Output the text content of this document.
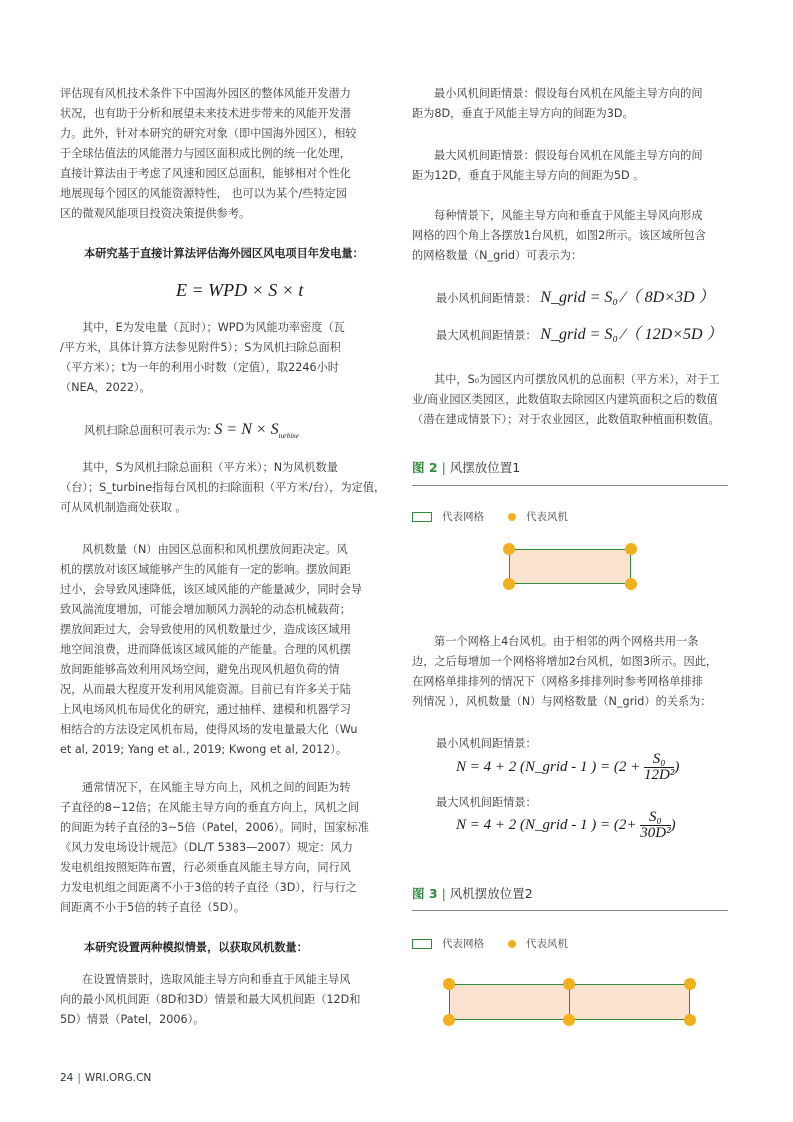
评估现有风机技术条件下中国海外园区的整体风能开发潜力
状况，也有助于分析和展望未来技术进步带来的风能开发潜
力。此外，针对本研究的研究对象（即中国海外园区），相较
于全球估值法的风能潜力与园区面积成比例的统一化处理，
直接计算法由于考虑了风速和园区总面积，能够相对个性化
地展现每个园区的风能资源特性， 也可以为某个/些特定园
区的微观风能项目投资决策提供参考。
本研究基于直接计算法评估海外园区风电项目年发电量：
E = WPD × S × t
其中，E为发电量（瓦时）；WPD为风能功率密度（瓦
/平方米，具体计算方法参见附件5）；S为风机扫除总面积
（平方米）；t为一年的利用小时数（定值），取2246小时
（NEA，2022）。
风机扫除总面积可表示为: $S = N \times S_{turbine}$
其中，S为风机扫除总面积（平方米）；N为风机数量
（台）；S_turbine指每台风机的扫除面积（平方米/台），为定值，
可从风机制造商处获取 。
风机数量（N）由园区总面积和风机摆放间距决定。风
机的摆放对该区域能够产生的风能有一定的影响。摆放间距
过小，会导致风速降低，该区域风能的产能量减少，同时会导
致风湍流度增加，可能会增加顺风力涡轮的动态机械载荷；
摆放间距过大，会导致使用的风机数量过少，造成该区域用
地空间浪费，进而降低该区域风能的产能量。合理的风机摆
放间距能够高效利用风场空间，避免出现风机超负荷的情
况，从而最大程度开发利用风能资源。目前已有许多关于陆
上风电场风机布局优化的研究，通过抽样、建模和机器学习
相结合的方法设定风机布局，使得风场的发电量最大化（Wu
et al, 2019; Yang et al., 2019; Kwong et al, 2012）。
通常情况下，在风能主导方向上，风机之间的间距为转
子直径的8~12倍；在风能主导方向的垂直方向上，风机之间
的间距为转子直径的3~5倍（Patel，2006）。同时，国家标准
《风力发电场设计规范》（DL/T 5383—2007）规定：风力
发电机组按照矩阵布置，行必须垂直风能主导方向，同行风
力发电机组之间距离不小于3倍的转子直径（3D），行与行之
间距离不小于5倍的转子直径（5D）。
本研究设置两种模拟情景，以获取风机数量：
在设置情景时，选取风能主导方向和垂直于风能主导风
向的最小风机间距（8D和3D）情景和最大风机间距（12D和
5D）情景（Patel，2006）。
最小风机间距情景：假设每台风机在风能主导方向的间
距为8D，垂直于风能主导方向的间距为3D。
最大风机间距情景：假设每台风机在风能主导方向的间
距为12D，垂直于风能主导方向的间距为5D 。
每种情景下，风能主导方向和垂直于风能主导风向形成
网格的四个角上各摆放1台风机，如图2所示。该区域所包含
的网格数量（N_grid）可表示为：
最小风机间距情景： N_grid = S₀ ⁄（ 8D×3D ）
最大风机间距情景： N_grid = S₀ ⁄（ 12D×5D ）
其中，S₀为园区内可摆放风机的总面积（平方米），对于工
业/商业园区类园区，此数值取去除园区内建筑面积之后的数值
（潜在建成情景下）；对于农业园区，此数值取种植面积数值。
图 2 | 风摆放位置1
代表网格	代表风机
第一个网格上4台风机。由于相邻的两个网格共用一条
边，之后每增加一个网格将增加2台风机，如图3所示。因此，
在网格单排排列的情况下（网格多排排列时参考网格单排排
列情况 ），风机数量（N）与网格数量（N_grid）的关系为：
最小风机间距情景：
N = 4 + 2 (N_grid - 1 ) = ($2 + \frac{\text{S₀}}{\text{12D²}}$ )
最大风机间距情景：
N = 4 + 2 (N_grid - 1 ) = ($2+ \frac{\text{S₀}}{\text{30D²}}$ )
图 3 | 风机摆放位置2
代表网格	代表风机
24 | WRI.ORG.CN
